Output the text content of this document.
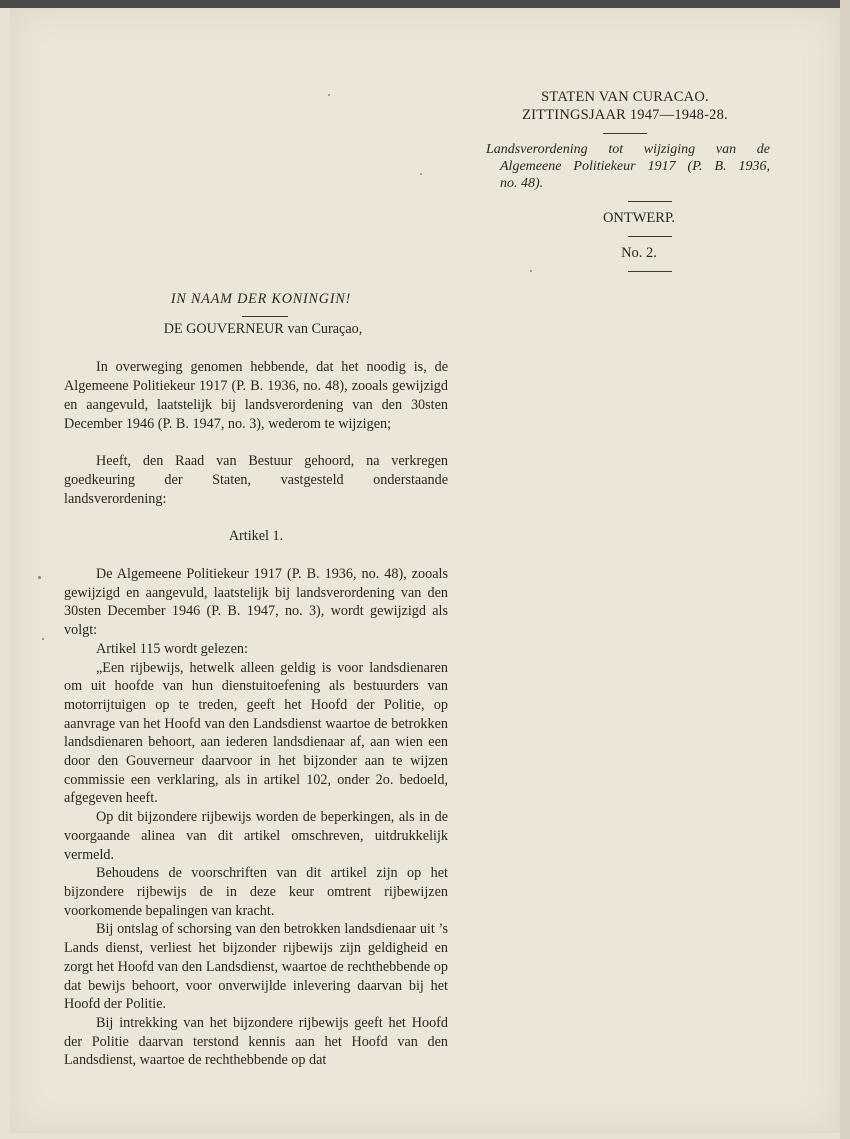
STATEN VAN CURACAO.
ZITTINGSJAAR 1947—1948-28.
Landsverordening tot wijziging van de
Algemeene Politiekeur 1917 (P. B. 1936,
no. 48).
ONTWERP.
No. 2.
IN NAAM DER KONINGIN!
DE GOUVERNEUR van Curaçao,

In overweging genomen hebbende, dat het noodig is, de Algemeene Politiekeur 1917 (P. B. 1936, no. 48), zooals gewijzigd en aangevuld, laatstelijk bij landsverordening van den 30sten December 1946 (P. B. 1947, no. 3), wederom te wijzigen;

Heeft, den Raad van Bestuur gehoord, na verkregen goedkeuring der Staten, vastgesteld onderstaande landsverordening:

Artikel 1.

De Algemeene Politiekeur 1917 (P. B. 1936, no. 48), zooals gewijzigd en aangevuld, laatstelijk bij landsverordening van den 30sten December 1946 (P. B. 1947, no. 3), wordt gewijzigd als volgt:

Artikel 115 wordt gelezen:

„Een rijbewijs, hetwelk alleen geldig is voor landsdienaren om uit hoofde van hun dienstuitoefening als bestuurders van motorrijtuigen op te treden, geeft het Hoofd der Politie, op aanvrage van het Hoofd van den Landsdienst waartoe de betrokken landsdienaren behoort, aan iederen landsdienaar af, aan wien een door den Gouverneur daarvoor in het bijzonder aan te wijzen commissie een verklaring, als in artikel 102, onder 2o. bedoeld, afgegeven heeft.

Op dit bijzondere rijbewijs worden de beperkingen, als in de voorgaande alinea van dit artikel omschreven, uitdrukkelijk vermeld.

Behoudens de voorschriften van dit artikel zijn op het bijzondere rijbewijs de in deze keur omtrent rijbewijzen voorkomende bepalingen van kracht.

Bij ontslag of schorsing van den betrokken landsdienaar uit ’s Lands dienst, verliest het bijzonder rijbewijs zijn geldigheid en zorgt het Hoofd van den Landsdienst, waartoe de rechthebbende op dat bewijs behoort, voor onverwijlde inlevering daarvan bij het Hoofd der Politie.

Bij intrekking van het bijzondere rijbewijs geeft het Hoofd der Politie daarvan terstond kennis aan het Hoofd van den Landsdienst, waartoe de rechthebbende op dat
